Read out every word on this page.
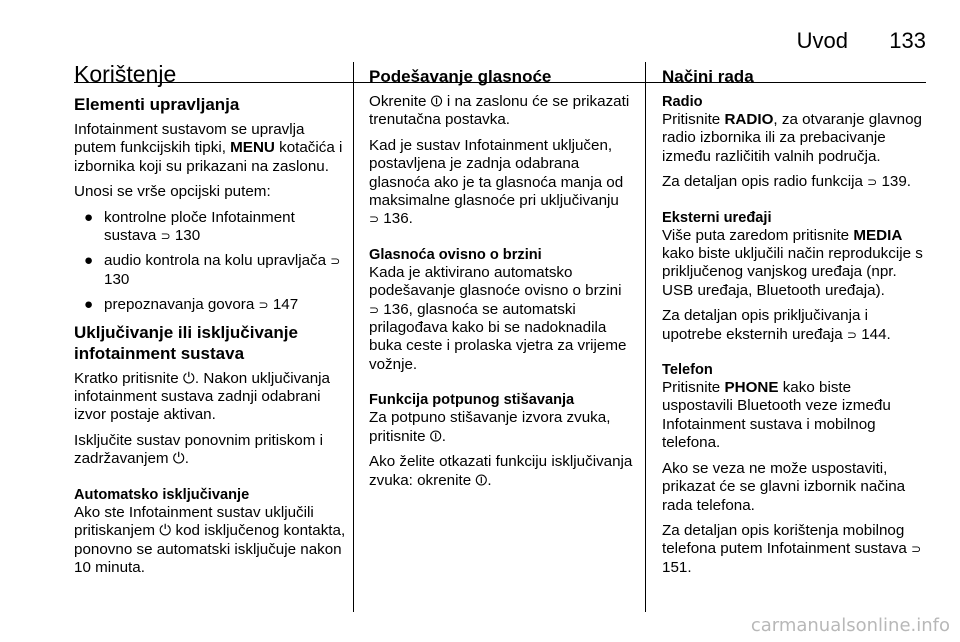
Uvod 133
Korištenje
Elementi upravljanja

Infotainment sustavom se upravlja putem funkcijskih tipki, MENU kotačića i izbornika koji su prikazani na zaslonu.

Unosi se vrše opcijski putem:

● kontrolne ploče Infotainment sustava ⊃ 130
● audio kontrola na kolu upravljača ⊃ 130
● prepoznavanja govora ⊃ 147
Uključivanje ili isključivanje infotainment sustava

Kratko pritisnite ⏻. Nakon uključivanja infotainment sustava zadnji odabrani izvor postaje aktivan.

Isključite sustav ponovnim pritiskom i zadržavanjem ⏻.

Automatsko isključivanje

Ako ste Infotainment sustav uključili pritiskanjem ⏻ kod isključenog kontakta, ponovno se automatski isključuje nakon 10 minuta.

Podešavanje glasnoće

Okrenite ⏼ i na zaslonu će se prikazati trenutačna postavka.

Kad je sustav Infotainment uključen, postavljena je zadnja odabrana glasnoća ako je ta glasnoća manja od maksimalne glasnoće pri uključivanju ⊃ 136.

Glasnoća ovisno o brzini

Kada je aktivirano automatsko podešavanje glasnoće ovisno o brzini ⊃ 136, glasnoća se automatski prilagođava kako bi se nadoknadila buka ceste i prolaska vjetra za vrijeme vožnje.

Funkcija potpunog stišavanja

Za potpuno stišavanje izvora zvuka, pritisnite ⏼.

Ako želite otkazati funkciju isključivanja zvuka: okrenite ⏼.

Načini rada
Radio

Pritisnite RADIO, za otvaranje glavnog radio izbornika ili za prebacivanje između različitih valnih područja.

Za detaljan opis radio funkcija ⊃ 139.

Eksterni uređaji

Više puta zaredom pritisnite MEDIA kako biste uključili način reprodukcije s priključenog vanjskog uređaja (npr. USB uređaja, Bluetooth uređaja).

Za detaljan opis priključivanja i upotrebe eksternih uređaja ⊃ 144.

Telefon

Pritisnite PHONE kako biste uspostavili Bluetooth veze između Infotainment sustava i mobilnog telefona.

Ako se veza ne može uspostaviti, prikazat će se glavni izbornik načina rada telefona.

Za detaljan opis korištenja mobilnog telefona putem Infotainment sustava ⊃ 151.

carmanualsonline.info
